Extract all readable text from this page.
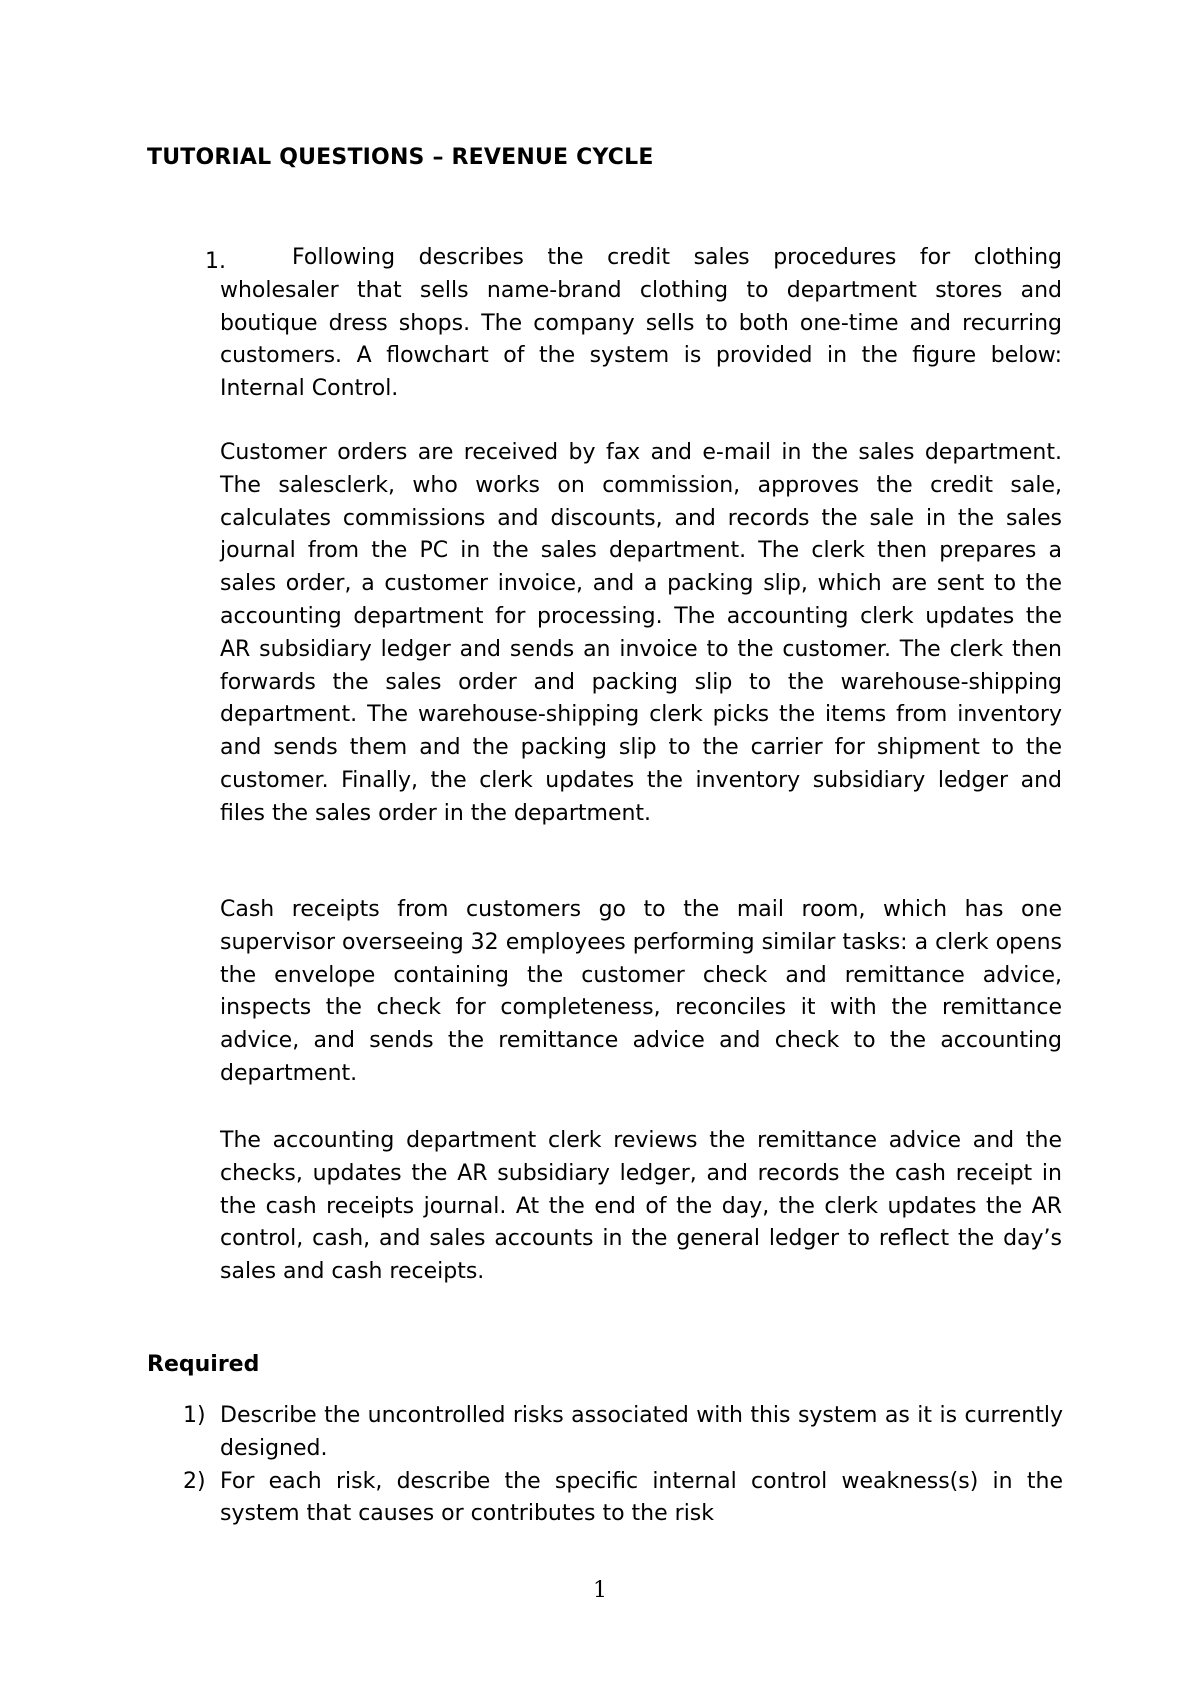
TUTORIAL QUESTIONS – REVENUE CYCLE
1.	Following describes the credit sales procedures for clothing wholesaler that sells name-brand clothing to department stores and boutique dress shops. The company sells to both one-time and recurring customers. A flowchart of the system is provided in the figure below: Internal Control.

Customer orders are received by fax and e-mail in the sales department. The salesclerk, who works on commission, approves the credit sale, calculates commissions and discounts, and records the sale in the sales journal from the PC in the sales department. The clerk then prepares a sales order, a customer invoice, and a packing slip, which are sent to the accounting department for processing. The accounting clerk updates the AR subsidiary ledger and sends an invoice to the customer. The clerk then forwards the sales order and packing slip to the warehouse-shipping department. The warehouse-shipping clerk picks the items from inventory and sends them and the packing slip to the carrier for shipment to the customer. Finally, the clerk updates the inventory subsidiary ledger and files the sales order in the department.

Cash receipts from customers go to the mail room, which has one supervisor overseeing 32 employees performing similar tasks: a clerk opens the envelope containing the customer check and remittance advice, inspects the check for completeness, reconciles it with the remittance advice, and sends the remittance advice and check to the accounting department.

The accounting department clerk reviews the remittance advice and the checks, updates the AR subsidiary ledger, and records the cash receipt in the cash receipts journal. At the end of the day, the clerk updates the AR control, cash, and sales accounts in the general ledger to reflect the day’s sales and cash receipts.

Required
1) Describe the uncontrolled risks associated with this system as it is currently designed.
2) For each risk, describe the specific internal control weakness(s) in the system that causes or contributes to the risk
1
